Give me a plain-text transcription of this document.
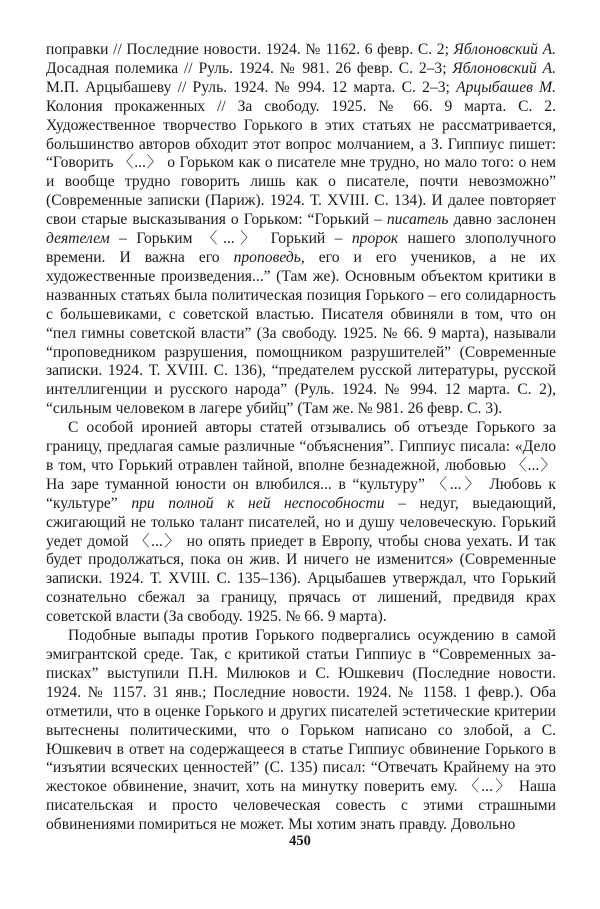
поправки // Последние новости. 1924. № 1162. 6 февр. С. 2; Яблоновский А. Досадная полемика // Руль. 1924. № 981. 26 февр. С. 2–3; Яблоновский А. М.П. Арцыбашеву // Руль. 1924. № 994. 12 марта. С. 2–3; Арцыбашев М. Колония прокаженных // За свободу. 1925. № 66. 9 марта. С. 2. Художественное творчество Горького в этих статьях не рассматривается, большинство авторов обходит этот вопрос молчанием, а З. Гиппиус пишет: “Говорить 〈...〉 о Горьком как о писателе мне трудно, но мало того: о нем и вообще трудно говорить лишь как о писателе, почти невозможно” (Современные записки (Париж). 1924. Т. XVIII. С. 134). И далее повторяет свои старые высказывания о Горьком: “Горький – писатель давно заслонен деятелем – Горьким 〈...〉 Горький – пророк нашего злополучного времени. И важна его проповедь, его и его учеников, а не их художественные произведения...” (Там же). Основным объектом критики в названных статьях была политическая позиция Горького – его солидарность с большевиками, с советской властью. Писателя обвиняли в том, что он “пел гимны советской власти” (За свободу. 1925. № 66. 9 марта), называли “проповедником разрушения, помощником разрушителей” (Современные записки. 1924. Т. XVIII. С. 136), “предателем русской литературы, русской интеллигенции и русского народа” (Руль. 1924. № 994. 12 марта. С. 2), “сильным человеком в лагере убийц” (Там же. № 981. 26 февр. С. 3).

С особой иронией авторы статей отзывались об отъезде Горького за границу, предлагая самые различные “объяснения”. Гиппиус писала: «Дело в том, что Горький отравлен тайной, вполне безнадежной, любовью 〈...〉 На заре туманной юности он влюбился... в “культуру” 〈...〉 Любовь к “культуре” при полной к ней неспособности – недуг, выедающий, сжигающий не только талант писателей, но и душу человеческую. Горький уедет домой 〈...〉 но опять приедет в Европу, чтобы снова уехать. И так будет продолжаться, пока он жив. И ничего не изменится» (Современные записки. 1924. Т. XVIII. С. 135–136). Арцыбашев утверждал, что Горький сознательно сбежал за границу, прячась от лишений, предвидя крах советской власти (За свободу. 1925. № 66. 9 марта).

Подобные выпады против Горького подвергались осуждению в самой эмигрантской среде. Так, с критикой статьи Гиппиус в “Современных записках” выступили П.Н. Милюков и С. Юшкевич (Последние новости. 1924. № 1157. 31 янв.; Последние новости. 1924. № 1158. 1 февр.). Оба отметили, что в оценке Горького и других писателей эстетические критерии вытеснены политическими, что о Горьком написано со злобой, а С. Юшкевич в ответ на содержащееся в статье Гиппиус обвинение Горького в “изъятии всяческих ценностей” (С. 135) писал: “Отвечать Крайнему на это жестокое обвинение, значит, хоть на минутку поверить ему. 〈...〉 Наша писательская и просто человеческая совесть с этими страшными обвинениями помириться не может. Мы хотим знать правду. Довольно

450
